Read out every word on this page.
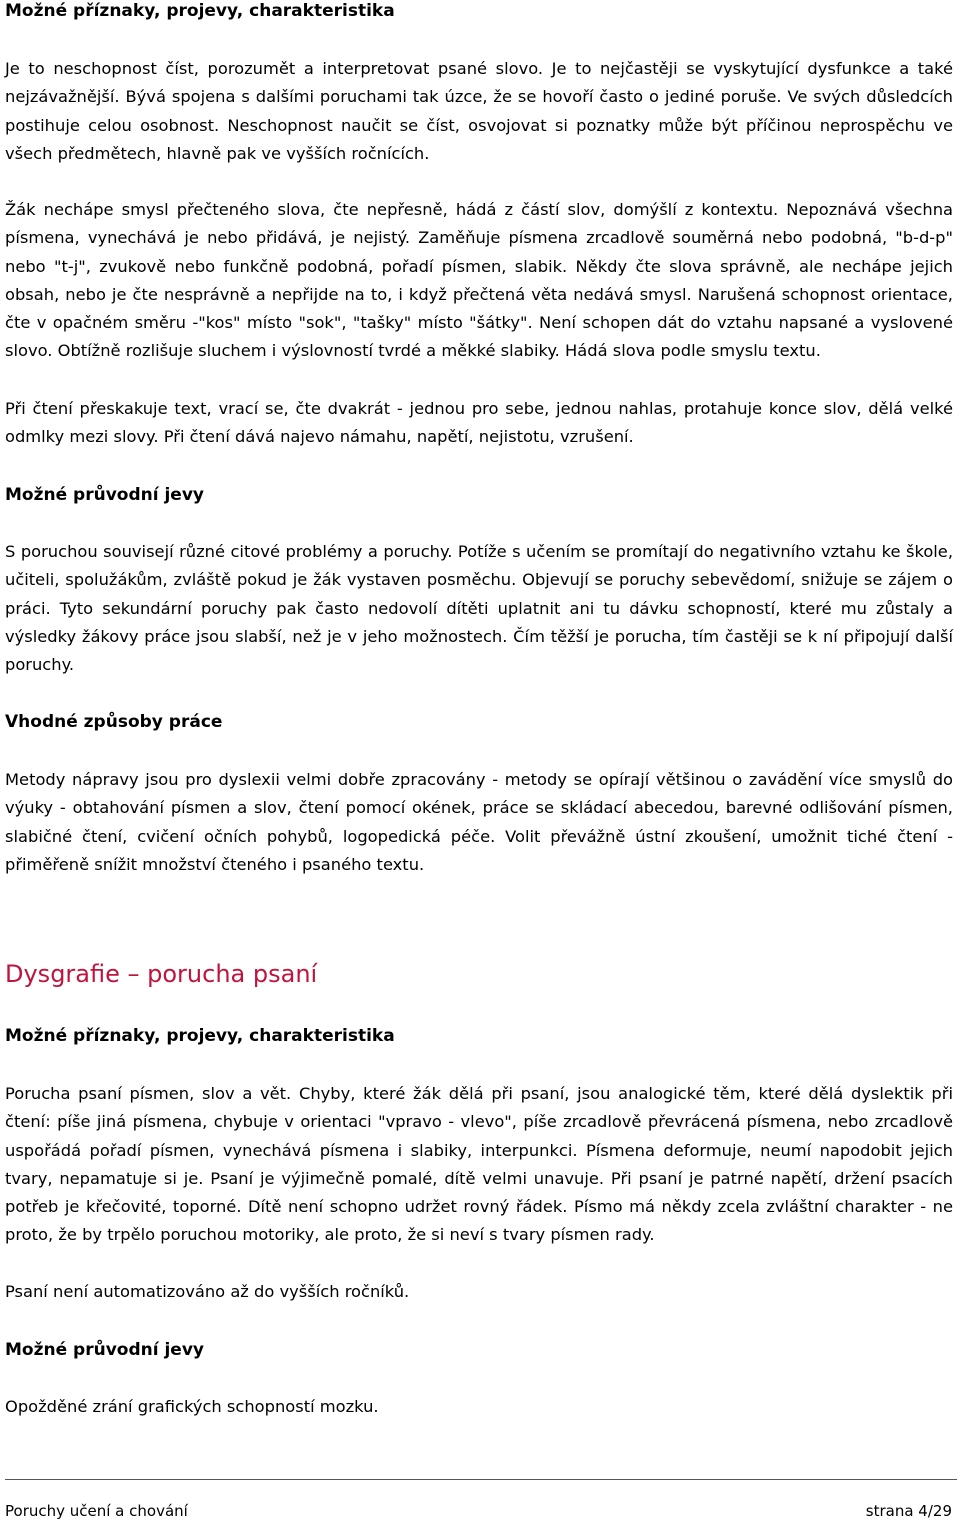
Možné příznaky, projevy, charakteristika

Je to neschopnost číst, porozumět a interpretovat psané slovo. Je to nejčastěji se vyskytující dysfunkce a také nejzávažnější. Bývá spojena s dalšími poruchami tak úzce, že se hovoří často o jediné poruše. Ve svých důsledcích postihuje celou osobnost. Neschopnost naučit se číst, osvojovat si poznatky může být příčinou neprospěchu ve všech předmětech, hlavně pak ve vyšších ročnících.

Žák nechápe smysl přečteného slova, čte nepřesně, hádá z částí slov, domýšlí z kontextu. Nepoznává všechna písmena, vynechává je nebo přidává, je nejistý. Zaměňuje písmena zrcadlově souměrná nebo podobná, "b-d-p" nebo "t-j", zvukově nebo funkčně podobná, pořadí písmen, slabik. Někdy čte slova správně, ale nechápe jejich obsah, nebo je čte nesprávně a nepřijde na to, i když přečtená věta nedává smysl. Narušená schopnost orientace, čte v opačném směru -"kos" místo "sok", "tašky" místo "šátky". Není schopen dát do vztahu napsané a vyslovené slovo. Obtížně rozlišuje sluchem i výslovností tvrdé a měkké slabiky. Hádá slova podle smyslu textu.

Při čtení přeskakuje text, vrací se, čte dvakrát - jednou pro sebe, jednou nahlas, protahuje konce slov, dělá velké odmlky mezi slovy. Při čtení dává najevo námahu, napětí, nejistotu, vzrušení.

Možné průvodní jevy

S poruchou souvisejí různé citové problémy a poruchy. Potíže s učením se promítají do negativního vztahu ke škole, učiteli, spolužákům, zvláště pokud je žák vystaven posměchu. Objevují se poruchy sebevědomí, snižuje se zájem o práci. Tyto sekundární poruchy pak často nedovolí dítěti uplatnit ani tu dávku schopností, které mu zůstaly a výsledky žákovy práce jsou slabší, než je v jeho možnostech. Čím těžší je porucha, tím častěji se k ní připojují další poruchy.

Vhodné způsoby práce

Metody nápravy jsou pro dyslexii velmi dobře zpracovány - metody se opírají většinou o zavádění více smyslů do výuky - obtahování písmen a slov, čtení pomocí okének, práce se skládací abecedou, barevné odlišování písmen, slabičné čtení, cvičení očních pohybů, logopedická péče. Volit převážně ústní zkoušení, umožnit tiché čtení - přiměřeně snížit množství čteného i psaného textu.

Dysgrafie – porucha psaní
Možné příznaky, projevy, charakteristika

Porucha psaní písmen, slov a vět. Chyby, které žák dělá při psaní, jsou analogické těm, které dělá dyslektik při čtení: píše jiná písmena, chybuje v orientaci "vpravo - vlevo", píše zrcadlově převrácená písmena, nebo zrcadlově uspořádá pořadí písmen, vynechává písmena i slabiky, interpunkci. Písmena deformuje, neumí napodobit jejich tvary, nepamatuje si je. Psaní je výjimečně pomalé, dítě velmi unavuje. Při psaní je patrné napětí, držení psacích potřeb je křečovité, toporné. Dítě není schopno udržet rovný řádek. Písmo má někdy zcela zvláštní charakter - ne proto, že by trpělo poruchou motoriky, ale proto, že si neví s tvary písmen rady.

Psaní není automatizováno až do vyšších ročníků.

Možné průvodní jevy

Opožděné zrání grafických schopností mozku.

Poruchy učení a chování	strana 4/29
